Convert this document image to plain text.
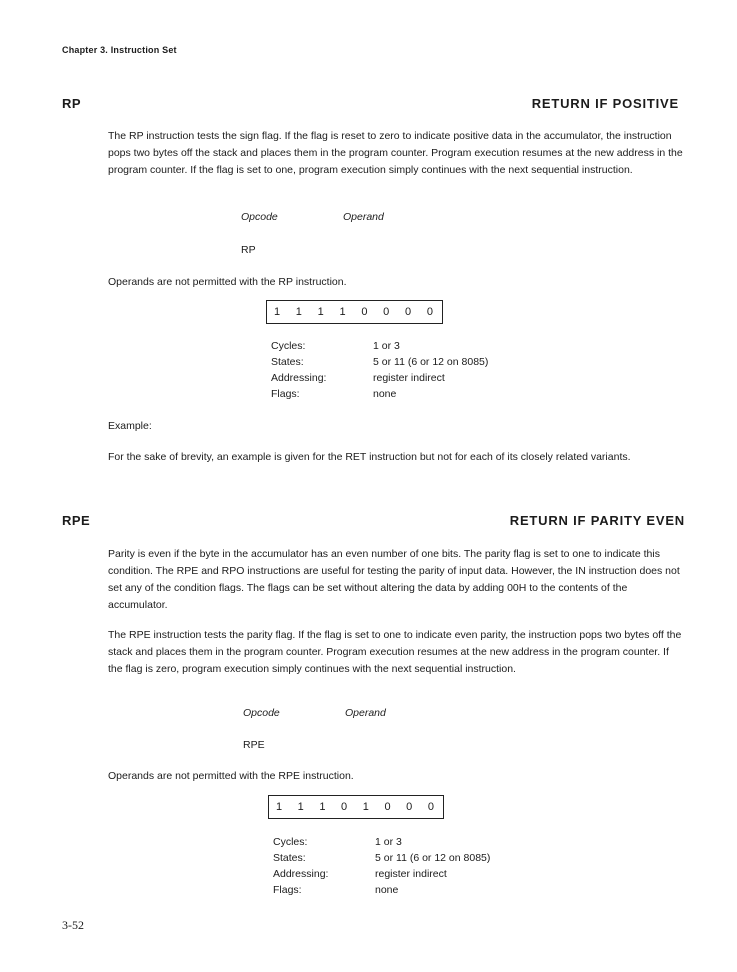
Chapter 3. Instruction Set
RP	RETURN IF POSITIVE
The RP instruction tests the sign flag. If the flag is reset to zero to indicate positive data in the accumulator, the instruction pops two bytes off the stack and places them in the program counter. Program execution resumes at the new address in the program counter. If the flag is set to one, program execution simply continues with the next sequential instruction.
Opcode	Operand
RP
Operands are not permitted with the RP instruction.
1 1 1 1 0 0 0 0
Cycles:	1 or 3
States:	5 or 11 (6 or 12 on 8085)
Addressing:	register indirect
Flags:	none
Example:
For the sake of brevity, an example is given for the RET instruction but not for each of its closely related variants.
RPE	RETURN IF PARITY EVEN
Parity is even if the byte in the accumulator has an even number of one bits. The parity flag is set to one to indicate this condition. The RPE and RPO instructions are useful for testing the parity of input data. However, the IN instruction does not set any of the condition flags. The flags can be set without altering the data by adding 00H to the contents of the accumulator.
The RPE instruction tests the parity flag. If the flag is set to one to indicate even parity, the instruction pops two bytes off the stack and places them in the program counter. Program execution resumes at the new address in the program counter. If the flag is zero, program execution simply continues with the next sequential instruction.
Opcode	Operand
RPE
Operands are not permitted with the RPE instruction.
1 1 1 0 1 0 0 0
Cycles:	1 or 3
States:	5 or 11 (6 or 12 on 8085)
Addressing:	register indirect
Flags:	none
3-52
